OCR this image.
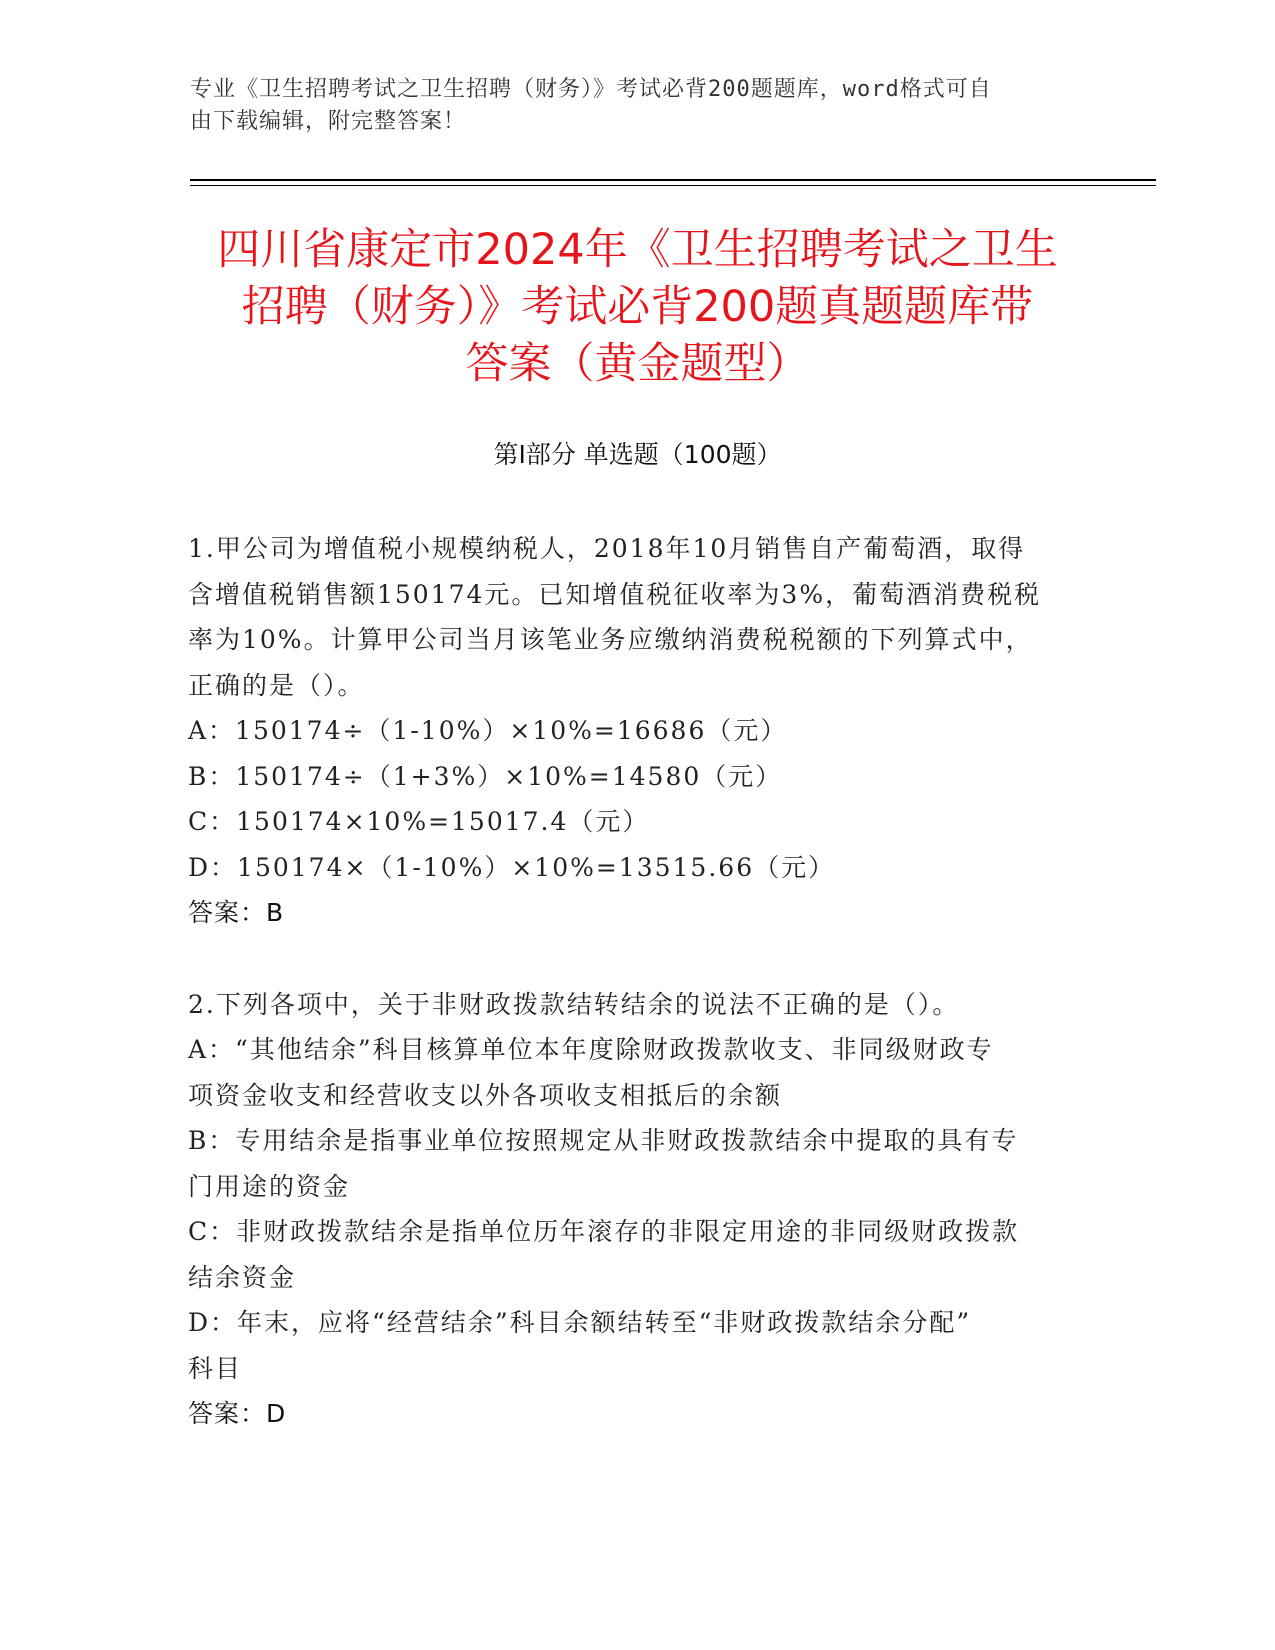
专业《卫生招聘考试之卫生招聘（财务）》考试必背200题题库，word格式可自
由下载编辑，附完整答案！
四川省康定市2024年《卫生招聘考试之卫生
招聘（财务）》考试必背200题真题题库带
答案（黄金题型）
第Ⅰ部分 单选题（100题）

1.甲公司为增值税小规模纳税人，2018年10月销售自产葡萄酒，取得

含增值税销售额150174元。已知增值税征收率为3%，葡萄酒消费税税

率为10%。计算甲公司当月该笔业务应缴纳消费税税额的下列算式中，

正确的是（）。

A：150174÷（1-10%）×10%=16686（元）

B：150174÷（1+3%）×10%=14580（元）

C：150174×10%=15017.4（元）

D：150174×（1-10%）×10%=13515.66（元）

答案：B

2.下列各项中，关于非财政拨款结转结余的说法不正确的是（）。

A：“其他结余”科目核算单位本年度除财政拨款收支、非同级财政专

项资金收支和经营收支以外各项收支相抵后的余额

B：专用结余是指事业单位按照规定从非财政拨款结余中提取的具有专

门用途的资金

C：非财政拨款结余是指单位历年滚存的非限定用途的非同级财政拨款

结余资金

D：年末，应将“经营结余”科目余额结转至“非财政拨款结余分配”

科目

答案：D
